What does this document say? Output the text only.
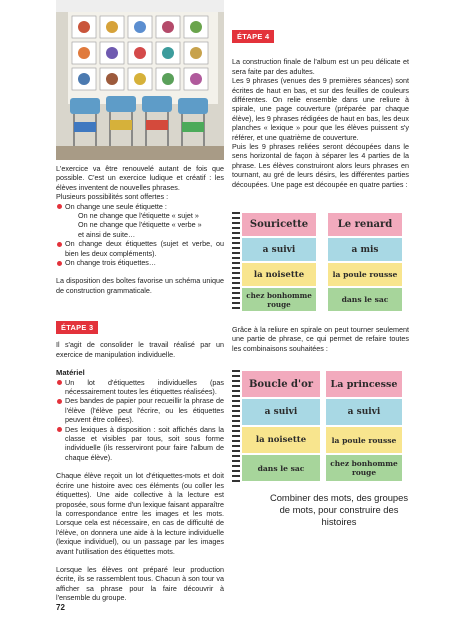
L'exercice va être renouvelé autant de fois que possible. C'est un exercice ludique et créatif : les élèves inventent de nouvelles phrases.

Plusieurs possibilités sont offertes :

On change une seule étiquette :
On ne change que l'étiquette « sujet »
On ne change que l'étiquette « verbe »
et ainsi de suite…
On change deux étiquettes (sujet et verbe, ou bien les deux compléments).
On change trois étiquettes…

La disposition des boîtes favorise un schéma unique de construction grammaticale.

ÉTAPE 3

Il s'agit de consolider le travail réalisé par un exercice de manipulation individuelle.

Matériel
Un lot d'étiquettes individuelles (pas nécessairement toutes les étiquettes réalisées).
Des bandes de papier pour recueillir la phrase de l'élève (l'élève peut l'écrire, ou les étiquettes peuvent être collées).
Des lexiques à disposition : soit affichés dans la classe et visibles par tous, soit sous forme individuelle (ils resserviront pour faire l'album de chaque élève).

Chaque élève reçoit un lot d'étiquettes-mots et doit écrire une histoire avec ces éléments (ou coller les étiquettes). Une aide collective à la lecture est proposée, sous forme d'un lexique faisant apparaître la correspondance entre les images et les mots. Lorsque cela est nécessaire, en cas de difficulté de l'élève, on donnera une aide à la lecture individuelle (lexique individuel), ou un passage par les images avant l'utilisation des étiquettes mots.

Lorsque les élèves ont préparé leur production écrite, ils se rassemblent tous. Chacun à son tour va afficher sa phrase pour la faire découvrir à l'ensemble du groupe.

72
ÉTAPE 4

La construction finale de l'album est un peu délicate et sera faite par des adultes.

Les 9 phrases (venues des 9 premières séances) sont écrites de haut en bas, et sur des feuilles de couleurs différentes. On relie ensemble dans une reliure à spirale, une page couverture (préparée par chaque élève), les 9 phrases rédigées de haut en bas, les deux planches « lexique » pour que les élèves puissent s'y référer, et une quatrième de couverture.

Puis les 9 phrases reliées seront découpées dans le sens horizontal de façon à séparer les 4 parties de la phrase. Les élèves construiront alors leurs phrases en tournant, au gré de leurs désirs, les différentes parties découpées. Une page est découpée en quatre parties :

Souricette
a suivi
la noisette
chez bonhomme rouge
Le renard
a mis
la poule rousse
dans le sac

Grâce à la reliure en spirale on peut tourner seulement une partie de phrase, ce qui permet de refaire toutes les combinaisons souhaitées :

Boucle d'or
a suivi
la noisette
dans le sac
La princesse
a suivi
la poule rousse
chez bonhomme rouge
Combiner des mots, des groupes de mots, pour construire des histoires
